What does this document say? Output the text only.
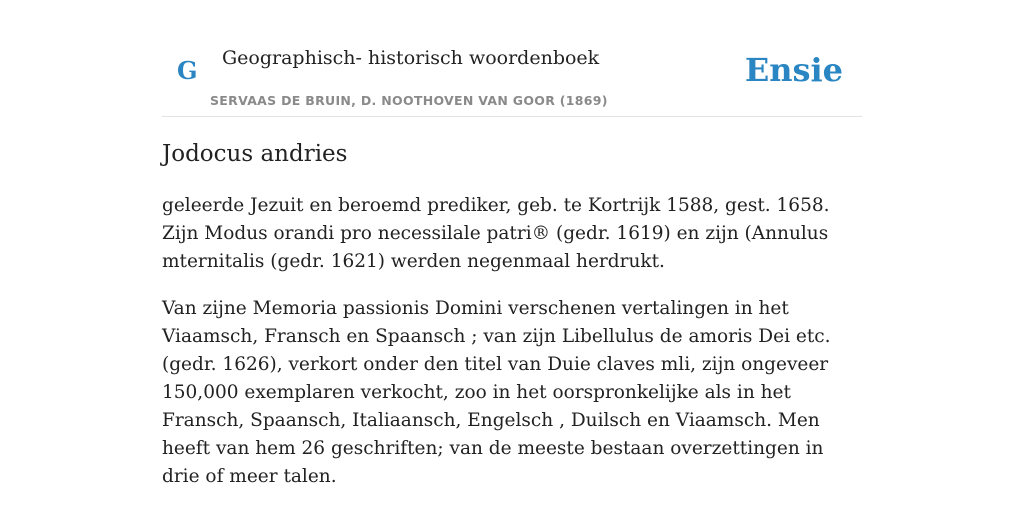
G Geographisch- historisch woordenboek
SERVAAS DE BRUIN, D. NOOTHOVEN VAN GOOR (1869)
Ensie
Jodocus andries

geleerde Jezuit en beroemd prediker, geb. te Kortrijk 1588, gest. 1658. Zijn Modus orandi pro necessilale patri® (gedr. 1619) en zijn (Annulus mternitalis (gedr. 1621) werden negenmaal herdrukt.

Van zijne Memoria passionis Domini verschenen vertalingen in het Viaamsch, Fransch en Spaansch ; van zijn Libellulus de amoris Dei etc. (gedr. 1626), verkort onder den titel van Duie claves mli, zijn ongeveer 150,000 exemplaren verkocht, zoo in het oorspronkelijke als in het Fransch, Spaansch, Italiaansch, Engelsch , Duilsch en Viaamsch. Men heeft van hem 26 geschriften; van de meeste bestaan overzettingen in drie of meer talen.
